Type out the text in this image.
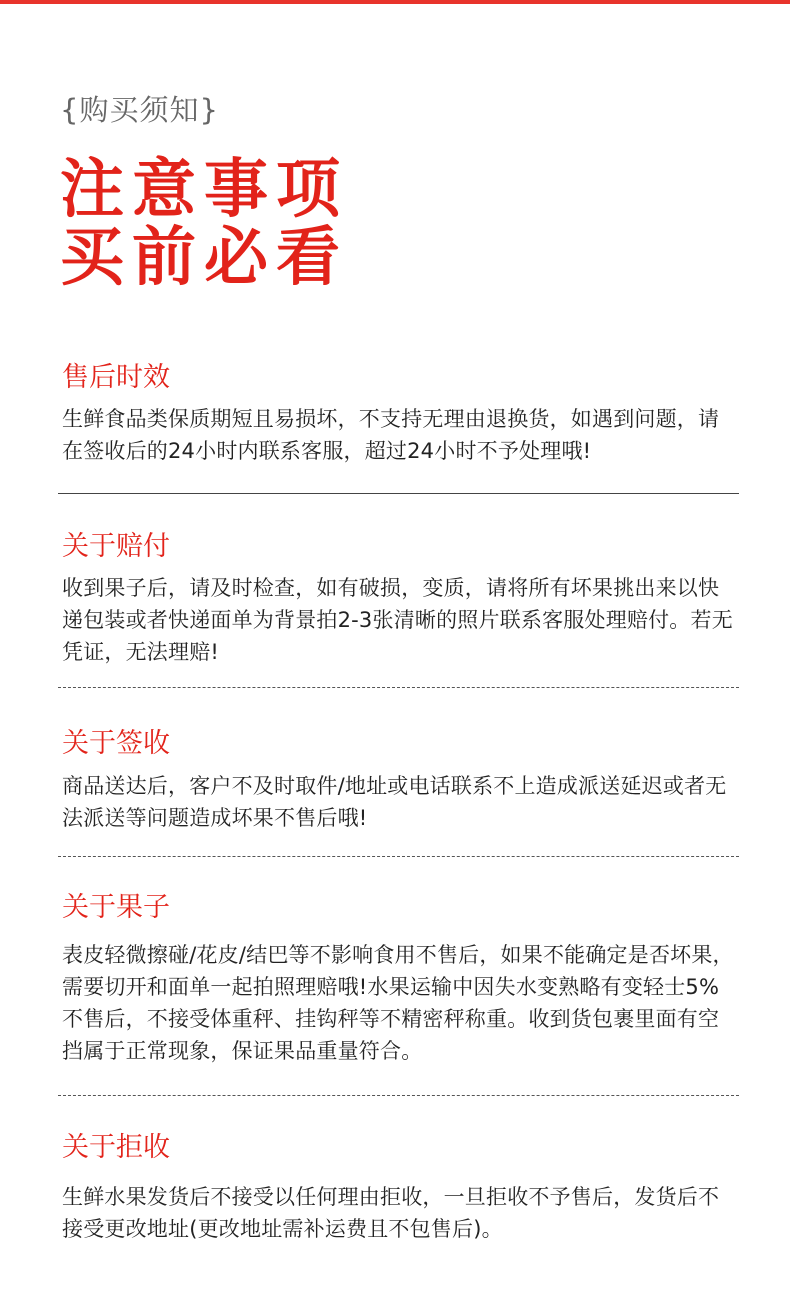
{购买须知}
注意事项
买前必看
售后时效
生鲜食品类保质期短且易损坏，不支持无理由退换货，如遇到问题，请在签收后的24小时内联系客服，超过24小时不予处理哦!
关于赔付
收到果子后，请及时检查，如有破损，变质，请将所有坏果挑出来以快递包装或者快递面单为背景拍2-3张清晰的照片联系客服处理赔付。若无凭证，无法理赔!
关于签收
商品送达后，客户不及时取件/地址或电话联系不上造成派送延迟或者无法派送等问题造成坏果不售后哦!
关于果子
表皮轻微擦碰/花皮/结巴等不影响食用不售后，如果不能确定是否坏果，需要切开和面单一起拍照理赔哦!水果运输中因失水变熟略有变轻士5%不售后，不接受体重秤、挂钩秤等不精密秤称重。收到货包裹里面有空挡属于正常现象，保证果品重量符合。
关于拒收
生鲜水果发货后不接受以任何理由拒收，一旦拒收不予售后，发货后不接受更改地址(更改地址需补运费且不包售后)。
